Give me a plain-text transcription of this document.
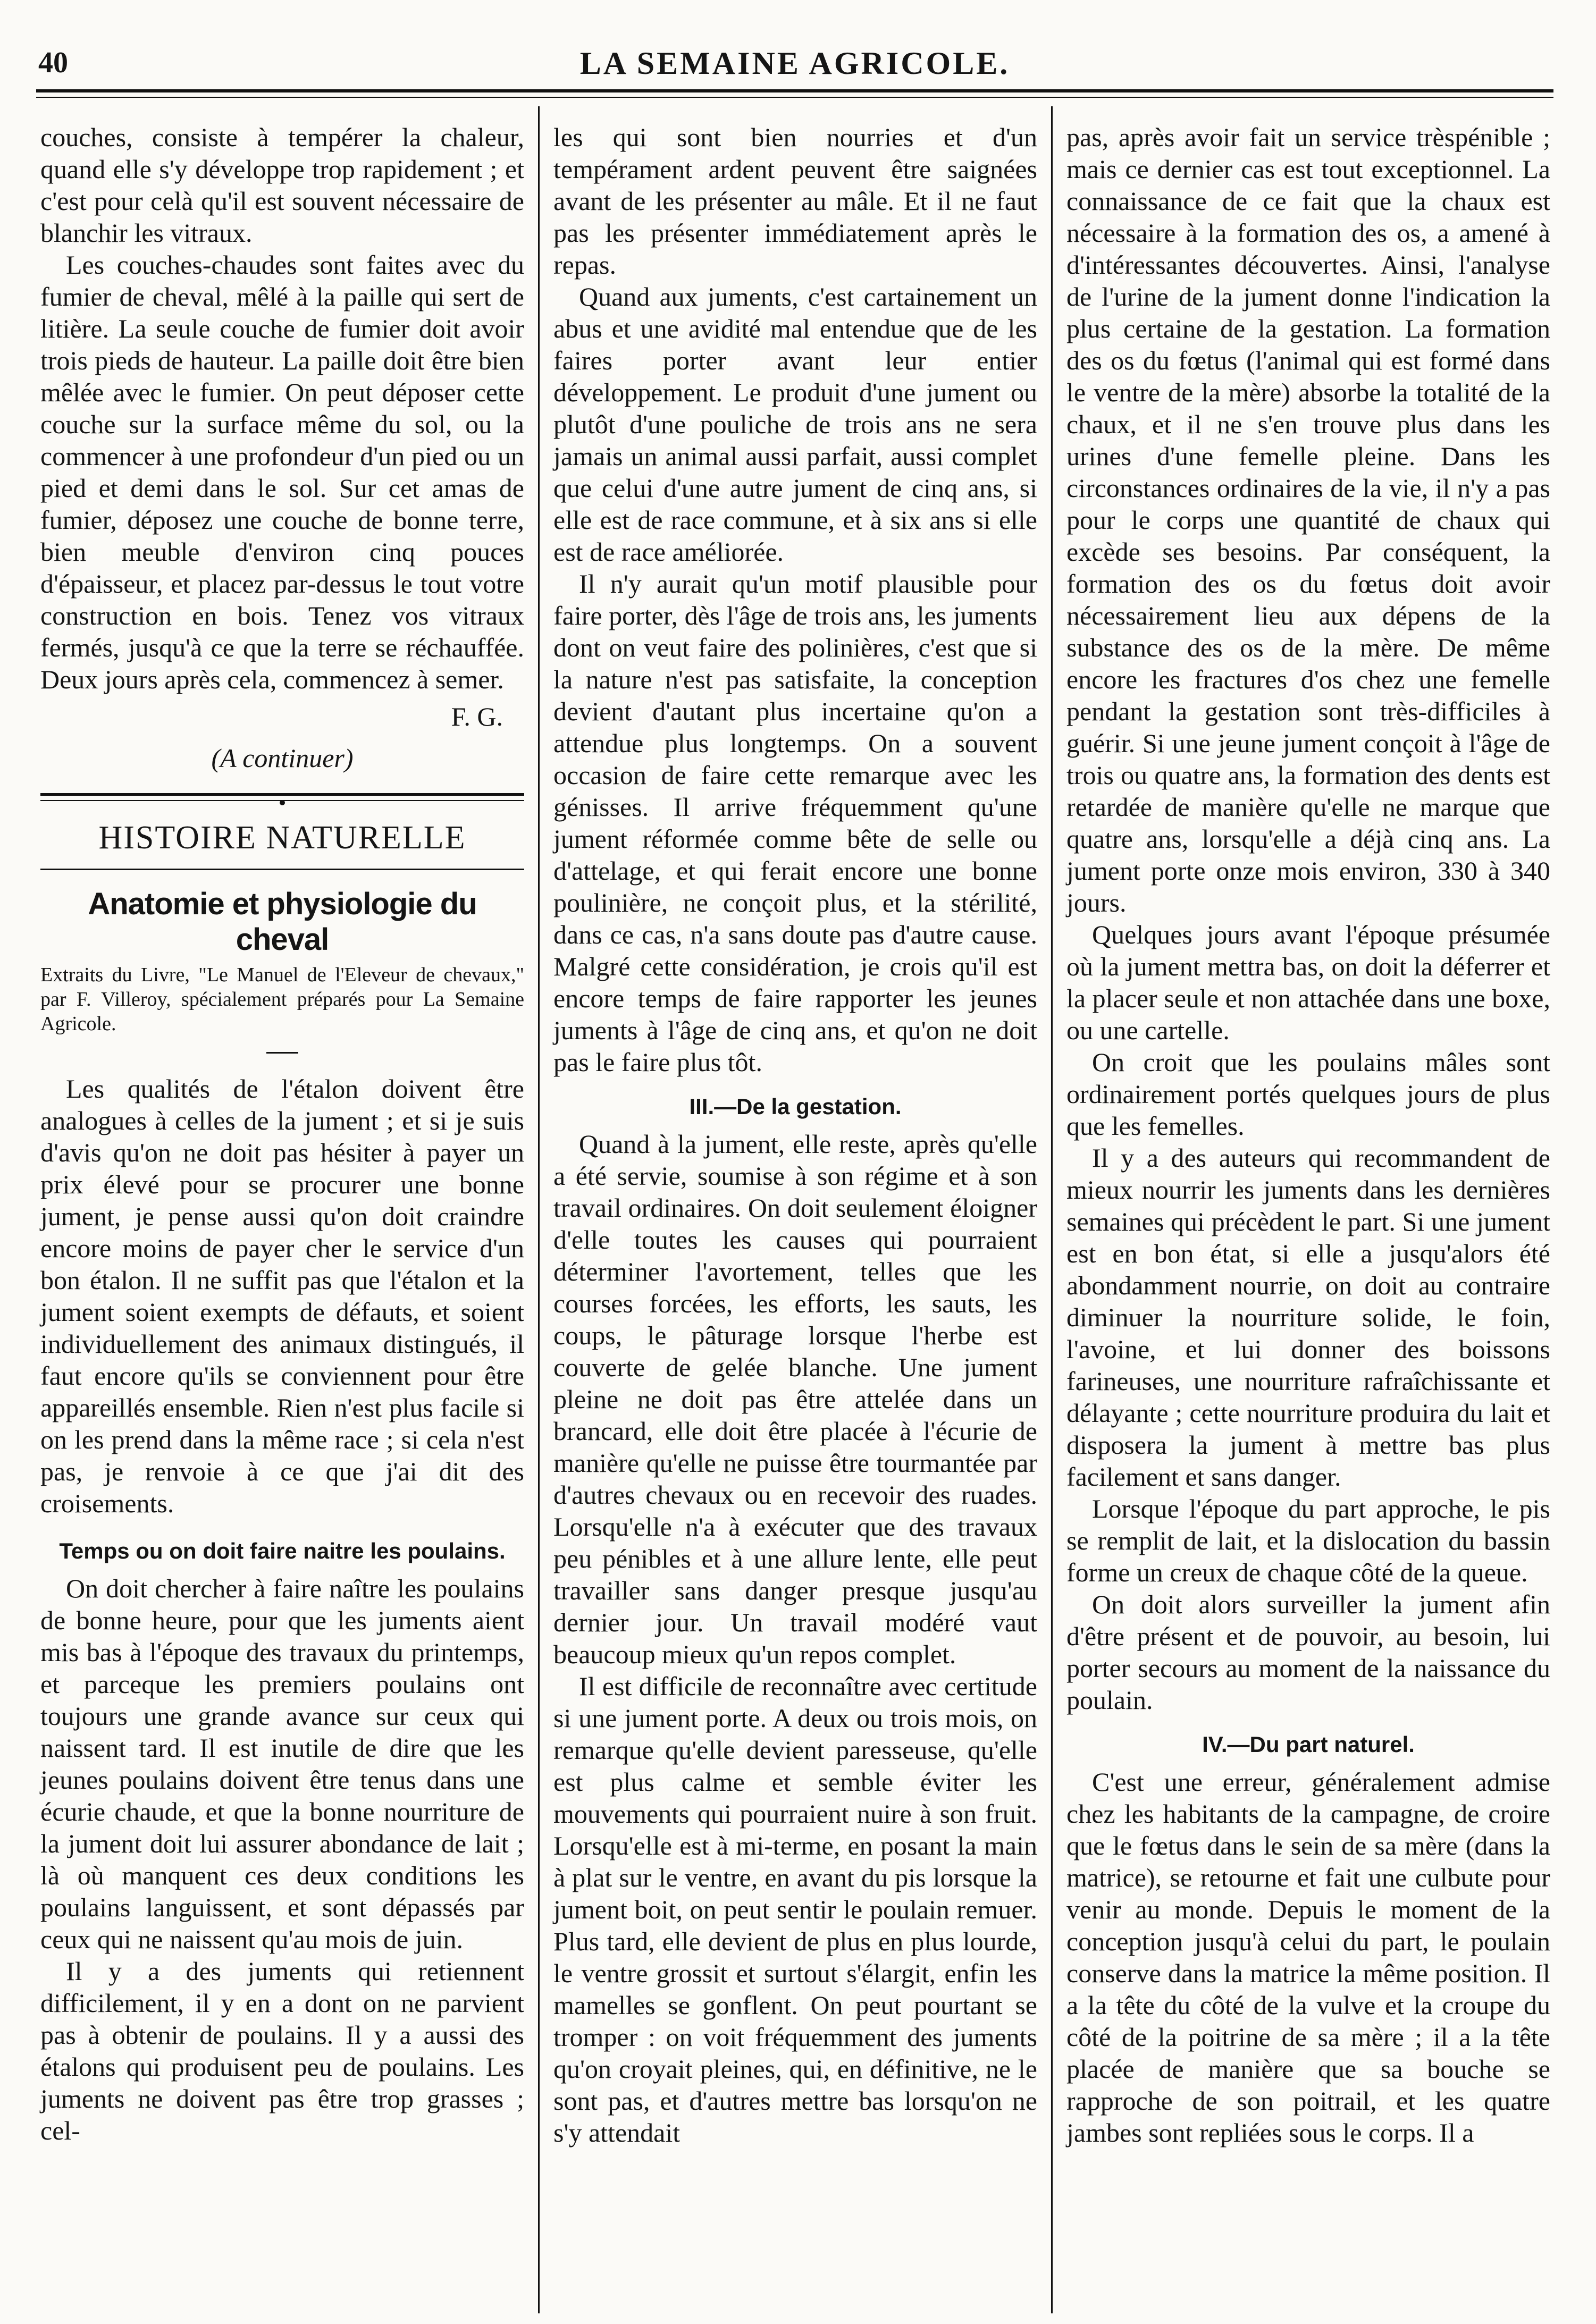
40	LA SEMAINE AGRICOLE.

couches, consiste à tempérer la chaleur, quand elle s'y développe trop rapidement ; et c'est pour celà qu'il est souvent nécessaire de blanchir les vitraux.

Les couches-chaudes sont faites avec du fumier de cheval, mêlé à la paille qui sert de litière. La seule couche de fumier doit avoir trois pieds de hauteur. La paille doit être bien mêlée avec le fumier. On peut déposer cette couche sur la surface même du sol, ou la commencer à une profondeur d'un pied ou un pied et demi dans le sol. Sur cet amas de fumier, déposez une couche de bonne terre, bien meuble d'environ cinq pouces d'épaisseur, et placez par-dessus le tout votre construction en bois. Tenez vos vitraux fermés, jusqu'à ce que la terre se réchauffée. Deux jours après cela, commencez à semer.

F. G.

(A continuer)

HISTOIRE NATURELLE
Anatomie et physiologie du cheval

Extraits du Livre, "Le Manuel de l'Eleveur de chevaux," par F. Villeroy, spécialement préparés pour La Semaine Agricole.

Les qualités de l'étalon doivent être analogues à celles de la jument ; et si je suis d'avis qu'on ne doit pas hésiter à payer un prix élevé pour se procurer une bonne jument, je pense aussi qu'on doit craindre encore moins de payer cher le service d'un bon étalon. Il ne suffit pas que l'étalon et la jument soient exempts de défauts, et soient individuellement des animaux distingués, il faut encore qu'ils se conviennent pour être appareillés ensemble. Rien n'est plus facile si on les prend dans la même race ; si cela n'est pas, je renvoie à ce que j'ai dit des croisements.

Temps ou on doit faire naitre les poulains.

On doit chercher à faire naître les poulains de bonne heure, pour que les juments aient mis bas à l'époque des travaux du printemps, et parceque les premiers poulains ont toujours une grande avance sur ceux qui naissent tard. Il est inutile de dire que les jeunes poulains doivent être tenus dans une écurie chaude, et que la bonne nourriture de la jument doit lui assurer abondance de lait ; là où manquent ces deux conditions les poulains languissent, et sont dépassés par ceux qui ne naissent qu'au mois de juin.

Il y a des juments qui retiennent difficilement, il y en a dont on ne parvient pas à obtenir de poulains. Il y a aussi des étalons qui produisent peu de poulains. Les juments ne doivent pas être trop grasses ; cel-

les qui sont bien nourries et d'un tempérament ardent peuvent être saignées avant de les présenter au mâle. Et il ne faut pas les présenter immédiatement après le repas.

Quand aux juments, c'est cartainement un abus et une avidité mal entendue que de les faires porter avant leur entier développement. Le produit d'une jument ou plutôt d'une pouliche de trois ans ne sera jamais un animal aussi parfait, aussi complet que celui d'une autre jument de cinq ans, si elle est de race commune, et à six ans si elle est de race améliorée.

Il n'y aurait qu'un motif plausible pour faire porter, dès l'âge de trois ans, les juments dont on veut faire des polinières, c'est que si la nature n'est pas satisfaite, la conception devient d'autant plus incertaine qu'on a attendue plus longtemps. On a souvent occasion de faire cette remarque avec les génisses. Il arrive fréquemment qu'une jument réformée comme bête de selle ou d'attelage, et qui ferait encore une bonne poulinière, ne conçoit plus, et la stérilité, dans ce cas, n'a sans doute pas d'autre cause. Malgré cette considération, je crois qu'il est encore temps de faire rapporter les jeunes juments à l'âge de cinq ans, et qu'on ne doit pas le faire plus tôt.

III.—De la gestation.

Quand à la jument, elle reste, après qu'elle a été servie, soumise à son régime et à son travail ordinaires. On doit seulement éloigner d'elle toutes les causes qui pourraient déterminer l'avortement, telles que les courses forcées, les efforts, les sauts, les coups, le pâturage lorsque l'herbe est couverte de gelée blanche. Une jument pleine ne doit pas être attelée dans un brancard, elle doit être placée à l'écurie de manière qu'elle ne puisse être tourmantée par d'autres chevaux ou en recevoir des ruades. Lorsqu'elle n'a à exécuter que des travaux peu pénibles et à une allure lente, elle peut travailler sans danger presque jusqu'au dernier jour. Un travail modéré vaut beaucoup mieux qu'un repos complet.

Il est difficile de reconnaître avec certitude si une jument porte. A deux ou trois mois, on remarque qu'elle devient paresseuse, qu'elle est plus calme et semble éviter les mouvements qui pourraient nuire à son fruit. Lorsqu'elle est à mi-terme, en posant la main à plat sur le ventre, en avant du pis lorsque la jument boit, on peut sentir le poulain remuer. Plus tard, elle devient de plus en plus lourde, le ventre grossit et surtout s'élargit, enfin les mamelles se gonflent. On peut pourtant se tromper : on voit fréquemment des juments qu'on croyait pleines, qui, en définitive, ne le sont pas, et d'autres mettre bas lorsqu'on ne s'y attendait

pas, après avoir fait un service trèspénible ; mais ce dernier cas est tout exceptionnel. La connaissance de ce fait que la chaux est nécessaire à la formation des os, a amené à d'intéressantes découvertes. Ainsi, l'analyse de l'urine de la jument donne l'indication la plus certaine de la gestation. La formation des os du fœtus (l'animal qui est formé dans le ventre de la mère) absorbe la totalité de la chaux, et il ne s'en trouve plus dans les urines d'une femelle pleine. Dans les circonstances ordinaires de la vie, il n'y a pas pour le corps une quantité de chaux qui excède ses besoins. Par conséquent, la formation des os du fœtus doit avoir nécessairement lieu aux dépens de la substance des os de la mère. De même encore les fractures d'os chez une femelle pendant la gestation sont très-difficiles à guérir. Si une jeune jument conçoit à l'âge de trois ou quatre ans, la formation des dents est retardée de manière qu'elle ne marque que quatre ans, lorsqu'elle a déjà cinq ans. La jument porte onze mois environ, 330 à 340 jours.

Quelques jours avant l'époque présumée où la jument mettra bas, on doit la déferrer et la placer seule et non attachée dans une boxe, ou une cartelle.

On croit que les poulains mâles sont ordinairement portés quelques jours de plus que les femelles.

Il y a des auteurs qui recommandent de mieux nourrir les juments dans les dernières semaines qui précèdent le part. Si une jument est en bon état, si elle a jusqu'alors été abondamment nourrie, on doit au contraire diminuer la nourriture solide, le foin, l'avoine, et lui donner des boissons farineuses, une nourriture rafraîchissante et délayante ; cette nourriture produira du lait et disposera la jument à mettre bas plus facilement et sans danger.

Lorsque l'époque du part approche, le pis se remplit de lait, et la dislocation du bassin forme un creux de chaque côté de la queue.

On doit alors surveiller la jument afin d'être présent et de pouvoir, au besoin, lui porter secours au moment de la naissance du poulain.

IV.—Du part naturel.

C'est une erreur, généralement admise chez les habitants de la campagne, de croire que le fœtus dans le sein de sa mère (dans la matrice), se retourne et fait une culbute pour venir au monde. Depuis le moment de la conception jusqu'à celui du part, le poulain conserve dans la matrice la même position. Il a la tête du côté de la vulve et la croupe du côté de la poitrine de sa mère ; il a la tête placée de manière que sa bouche se rapproche de son poitrail, et les quatre jambes sont repliées sous le corps. Il a
